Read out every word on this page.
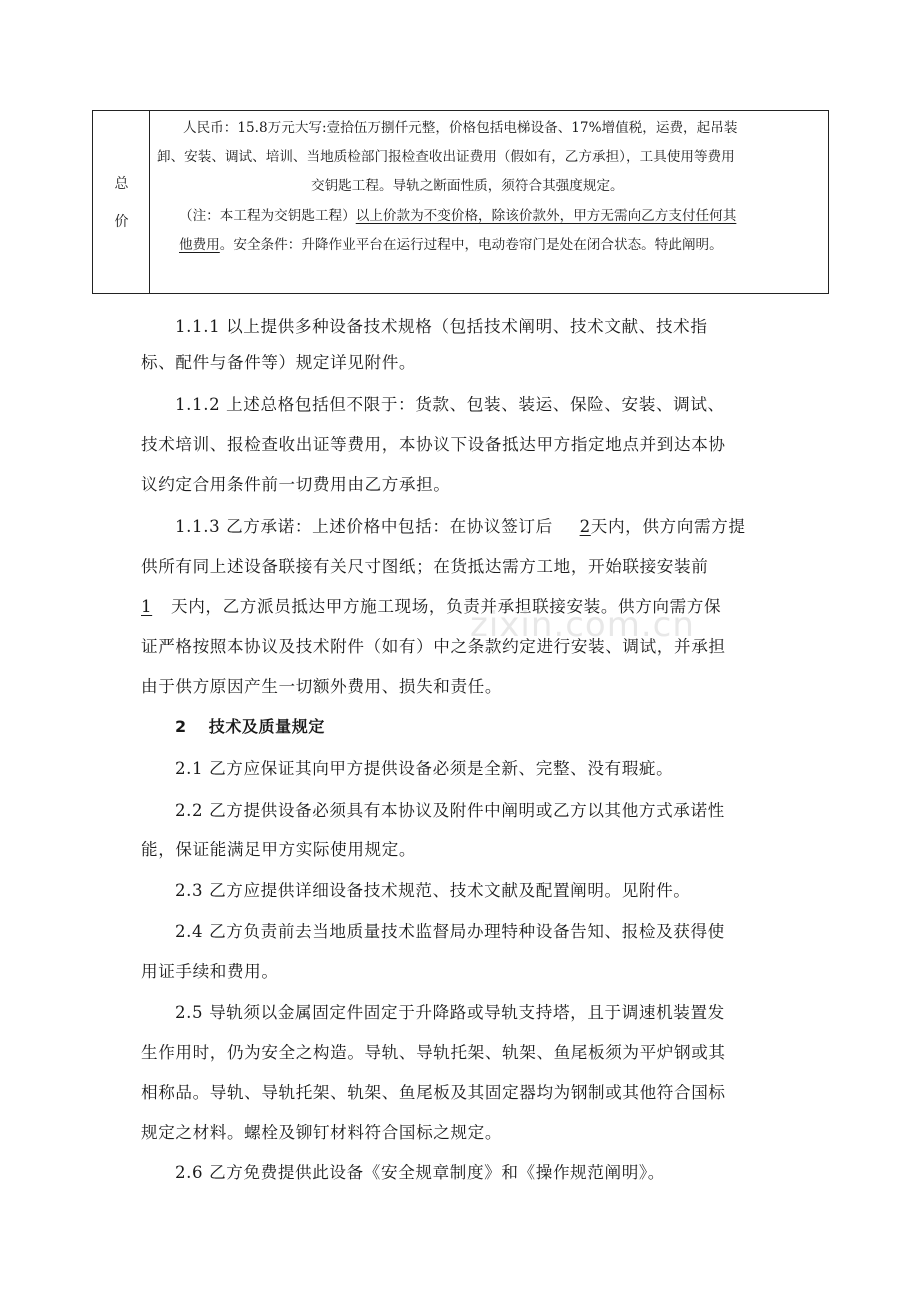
总
价
人民币：15.8万元大写:壹拾伍万捌仟元整，价格包括电梯设备、17%增值税，运费，起吊装
卸、安装、调试、培训、当地质检部门报检查收出证费用（假如有，乙方承担），工具使用等费用
交钥匙工程。导轨之断面性质，须符合其强度规定。
（注：本工程为交钥匙工程）以上价款为不变价格，除该价款外，甲方无需向乙方支付任何其
他费用。安全条件：升降作业平台在运行过程中，电动卷帘门是处在闭合状态。特此阐明。
1.1.1 以上提供多种设备技术规格（包括技术阐明、技术文献、技术指
标、配件与备件等）规定详见附件。
1.1.2 上述总格包括但不限于：货款、包装、装运、保险、安装、调试、
技术培训、报检查收出证等费用，本协议下设备抵达甲方指定地点并到达本协
议约定合用条件前一切费用由乙方承担。
1.1.3 乙方承诺：上述价格中包括：在协议签订后 2天内，供方向需方提
供所有同上述设备联接有关尺寸图纸；在货抵达需方工地，开始联接安装前
1 天内，乙方派员抵达甲方施工现场，负责并承担联接安装。供方向需方保
证严格按照本协议及技术附件（如有）中之条款约定进行安装、调试，并承担
由于供方原因产生一切额外费用、损失和责任。
2 技术及质量规定
2.1 乙方应保证其向甲方提供设备必须是全新、完整、没有瑕疵。
2.2 乙方提供设备必须具有本协议及附件中阐明或乙方以其他方式承诺性
能，保证能满足甲方实际使用规定。
2.3 乙方应提供详细设备技术规范、技术文献及配置阐明。见附件。
2.4 乙方负责前去当地质量技术监督局办理特种设备告知、报检及获得使
用证手续和费用。
2.5 导轨须以金属固定件固定于升降路或导轨支持塔，且于调速机装置发
生作用时，仍为安全之构造。导轨、导轨托架、轨架、鱼尾板须为平炉钢或其
相称品。导轨、导轨托架、轨架、鱼尾板及其固定器均为钢制或其他符合国标
规定之材料。螺栓及铆钉材料符合国标之规定。
2.6 乙方免费提供此设备《安全规章制度》和《操作规范阐明》。
zixin.com.cn
